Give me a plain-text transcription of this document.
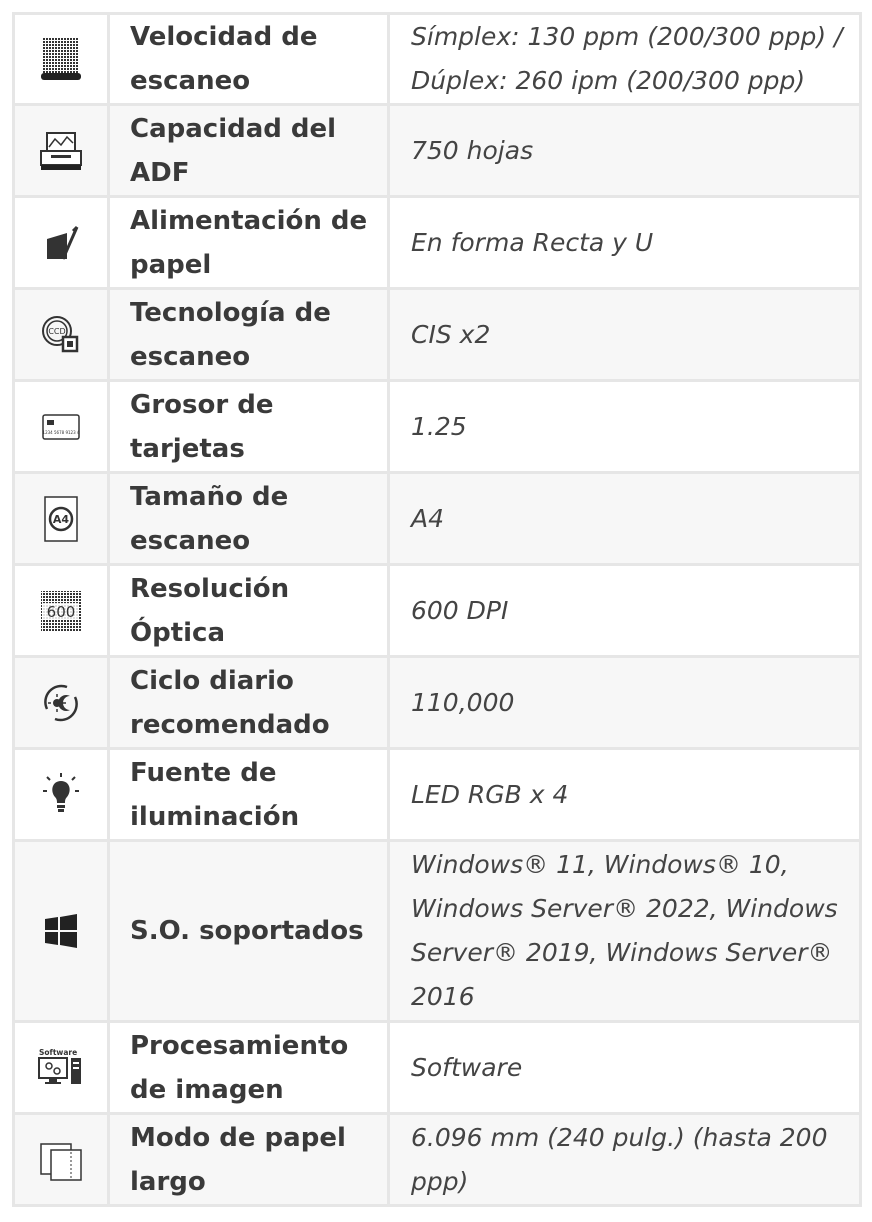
	Velocidad de escaneo	Símplex: 130 ppm (200/300 ppp) / Dúplex: 260 ipm (200/300 ppp)

	Capacidad del ADF	750 hojas

	Alimentación de papel	En forma Recta y U

CCD	Tecnología de escaneo	CIS x2

1234 5678 9123 4	Grosor de tarjetas	1.25

A4	Tamaño de escaneo	A4

600	Resolución Óptica	600 DPI

	Ciclo diario recomendado	110,000

	Fuente de iluminación	LED RGB x 4

	S.O. soportados	Windows® 11, Windows® 10, Windows Server® 2022, Windows Server® 2019, Windows Server® 2016

Software	Procesamiento de imagen	Software

	Modo de papel largo	6.096 mm (240 pulg.) (hasta 200 ppp)
